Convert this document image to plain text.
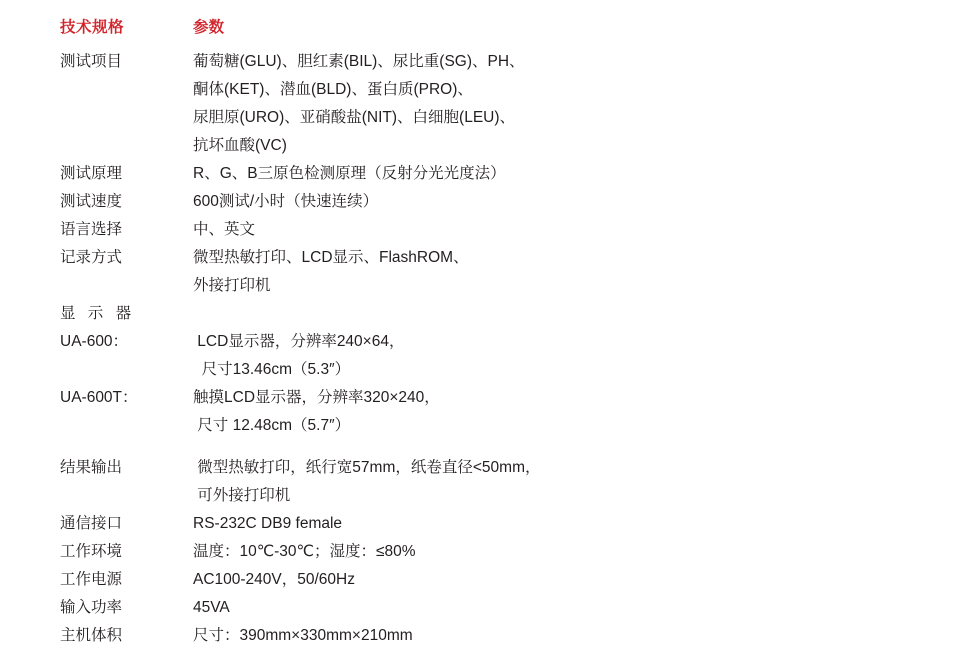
技术规格	参数
测试项目	葡萄糖(GLU)、胆红素(BIL)、尿比重(SG)、PH、
酮体(KET)、潜血(BLD)、蛋白质(PRO)、
尿胆原(URO)、亚硝酸盐(NIT)、白细胞(LEU)、
抗坏血酸(VC)

测试原理	R、G、B三原色检测原理（反射分光光度法）

测试速度	600测试/小时（快速连续）

语言选择	中、英文

记录方式	微型热敏打印、LCD显示、FlashROM、
外接打印机

显 示 器	

UA-600：	LCD显示器，分辨率240×64，
尺寸13.46cm（5.3″）

UA-600T：	触摸LCD显示器，分辨率320×240，
尺寸 12.48cm（5.7″）

结果输出	微型热敏打印，纸行宽57mm，纸卷直径<50mm，
可外接打印机

通信接口	RS-232C DB9 female

工作环境	温度：10℃-30℃；湿度：≤80%

工作电源	AC100-240V，50/60Hz

输入功率	45VA

主机体积	尺寸：390mm×330mm×210mm
